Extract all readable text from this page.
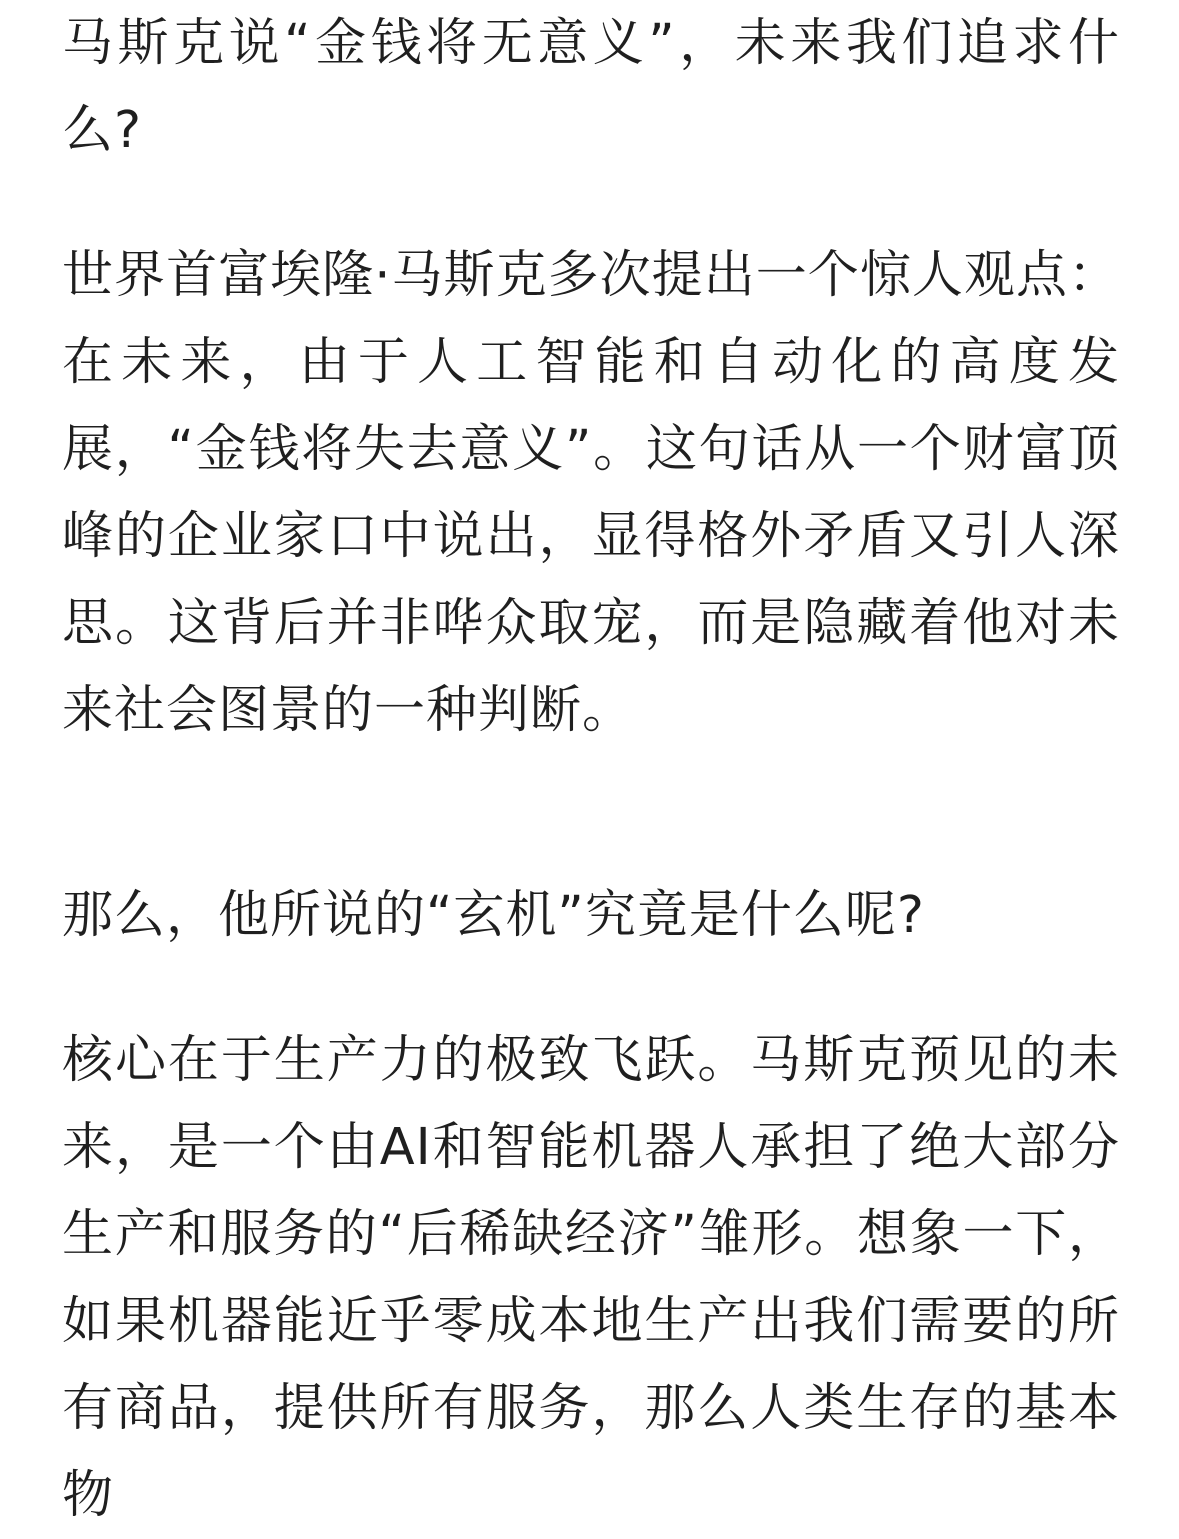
马斯克说“金钱将无意义”，未来我们追求什么?

世界首富埃隆·马斯克多次提出一个惊人观点：在未来，由于人工智能和自动化的高度发展，“金钱将失去意义”。这句话从一个财富顶峰的企业家口中说出，显得格外矛盾又引人深思。这背后并非哗众取宠，而是隐藏着他对未来社会图景的一种判断。

那么，他所说的“玄机”究竟是什么呢?

核心在于生产力的极致飞跃。马斯克预见的未来，是一个由AI和智能机器人承担了绝大部分生产和服务的“后稀缺经济”雏形。想象一下，如果机器能近乎零成本地生产出我们需要的所有商品，提供所有服务，那么人类生存的基本物
